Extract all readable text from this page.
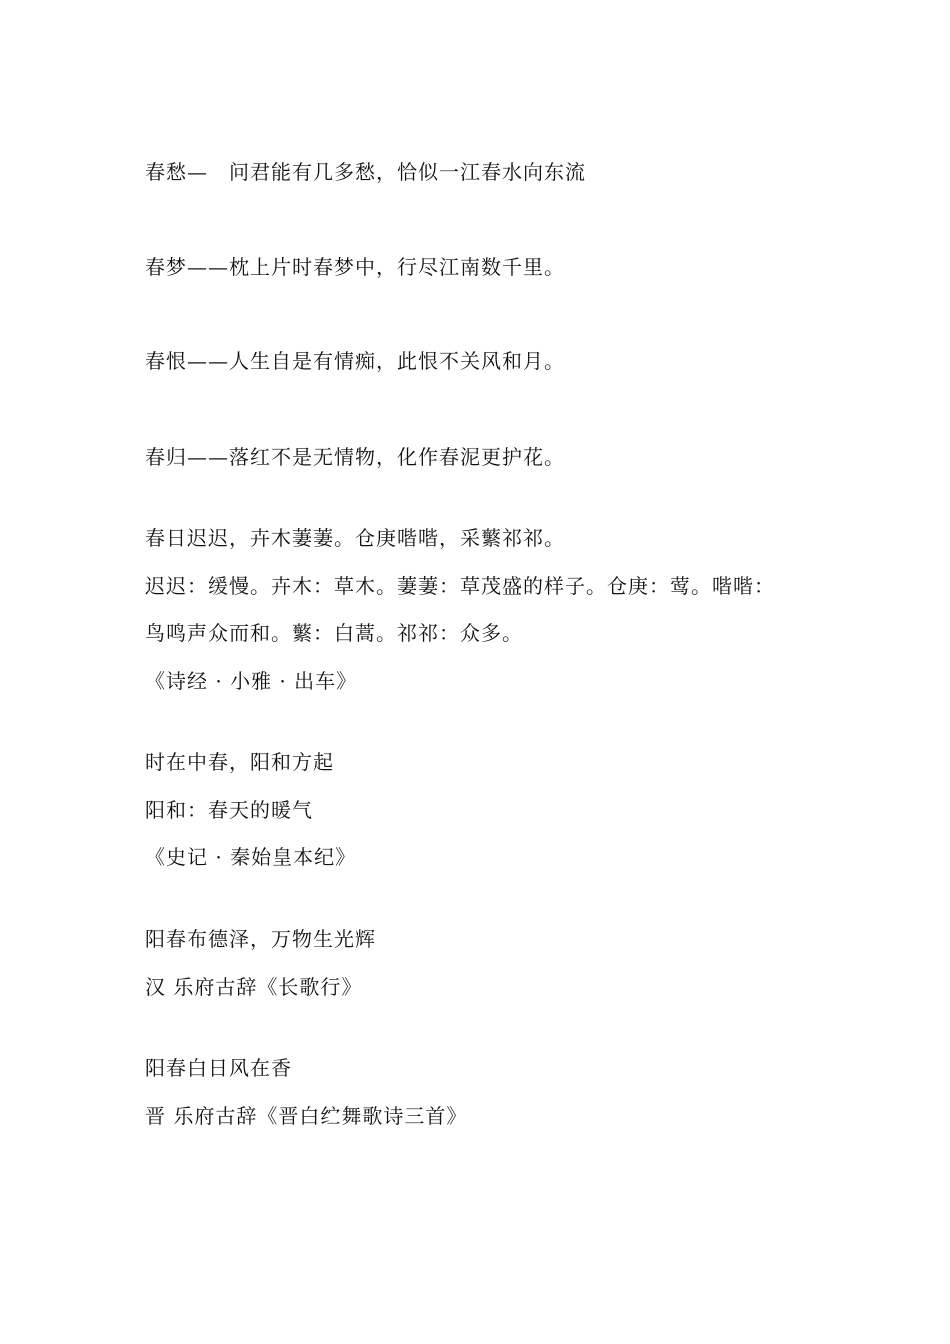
春愁—　问君能有几多愁，恰似一江春水向东流
春梦——枕上片时春梦中，行尽江南数千里。
春恨——人生自是有情痴，此恨不关风和月。
春归——落红不是无情物，化作春泥更护花。
春日迟迟，卉木萋萋。仓庚喈喈，采蘩祁祁。
迟迟：缓慢。卉木：草木。萋萋：草茂盛的样子。仓庚：莺。喈喈：
鸟鸣声众而和。蘩：白蒿。祁祁：众多。
《诗经 · 小雅 · 出车》
时在中春，阳和方起
阳和：春天的暖气
《史记 · 秦始皇本纪》
阳春布德泽，万物生光辉
汉 乐府古辞《长歌行》
阳春白日风在香
晋 乐府古辞《晋白纻舞歌诗三首》
